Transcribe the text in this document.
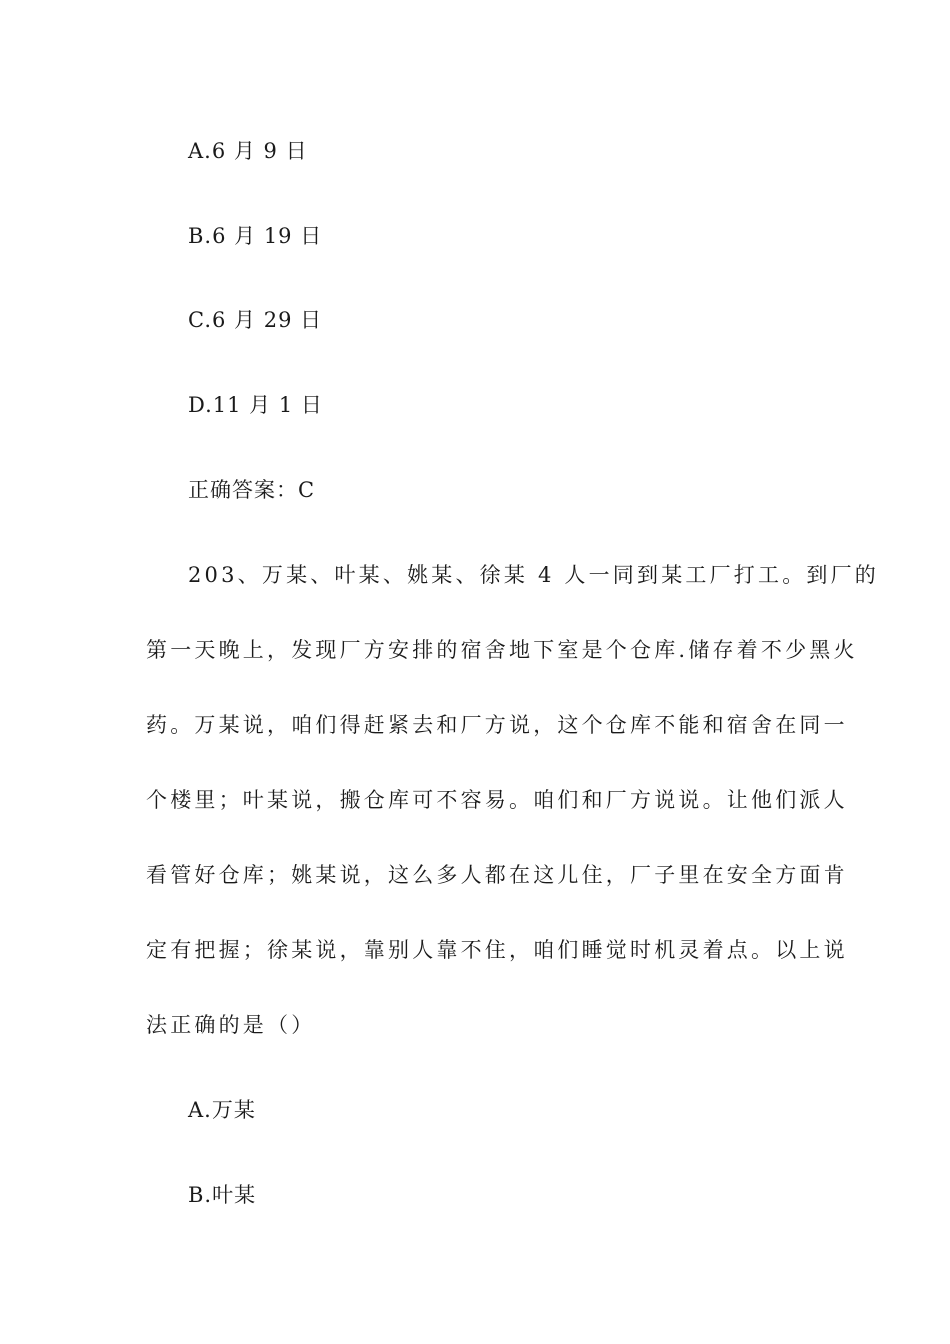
A.6 月 9 日
B.6 月 19 日
C.6 月 29 日
D.11 月 1 日
正确答案：C
203、万某、叶某、姚某、徐某 4 人一同到某工厂打工。到厂的
第一天晚上，发现厂方安排的宿舍地下室是个仓库.储存着不少黑火
药。万某说，咱们得赶紧去和厂方说，这个仓库不能和宿舍在同一
个楼里；叶某说，搬仓库可不容易。咱们和厂方说说。让他们派人
看管好仓库；姚某说，这么多人都在这儿住，厂子里在安全方面肯
定有把握；徐某说，靠别人靠不住，咱们睡觉时机灵着点。以上说
法正确的是（）
A.万某
B.叶某
